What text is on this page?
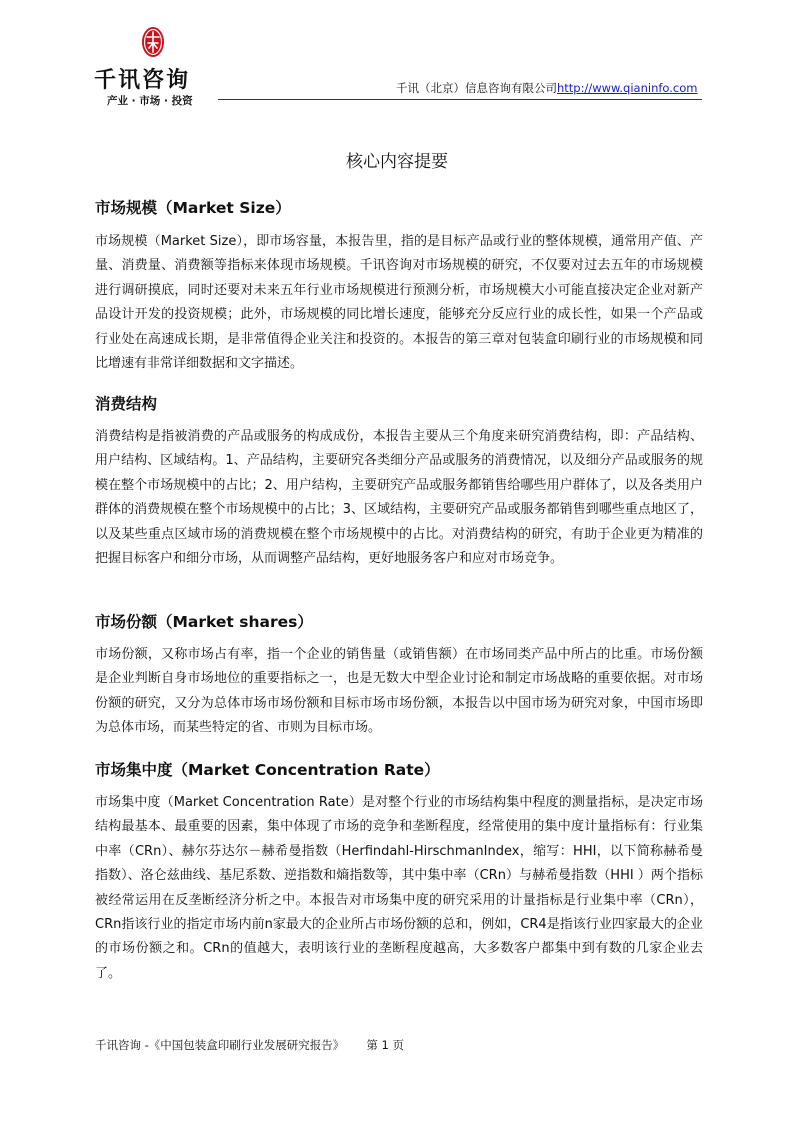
千讯咨询
产业 · 市场 · 投资
千讯（北京）信息咨询有限公司http://www.qianinfo.com
核心内容提要
市场规模（Market Size）

市场规模（Market Size），即市场容量，本报告里，指的是目标产品或行业的整体规模，通常用产值、产量、消费量、消费额等指标来体现市场规模。千讯咨询对市场规模的研究，不仅要对过去五年的市场规模进行调研摸底，同时还要对未来五年行业市场规模进行预测分析，市场规模大小可能直接决定企业对新产品设计开发的投资规模；此外，市场规模的同比增长速度，能够充分反应行业的成长性，如果一个产品或行业处在高速成长期，是非常值得企业关注和投资的。本报告的第三章对包装盒印刷行业的市场规模和同比增速有非常详细数据和文字描述。

消费结构

消费结构是指被消费的产品或服务的构成成份，本报告主要从三个角度来研究消费结构，即：产品结构、用户结构、区域结构。1、产品结构，主要研究各类细分产品或服务的消费情况，以及细分产品或服务的规模在整个市场规模中的占比；2、用户结构，主要研究产品或服务都销售给哪些用户群体了，以及各类用户群体的消费规模在整个市场规模中的占比；3、区域结构，主要研究产品或服务都销售到哪些重点地区了，以及某些重点区域市场的消费规模在整个市场规模中的占比。对消费结构的研究，有助于企业更为精准的把握目标客户和细分市场，从而调整产品结构，更好地服务客户和应对市场竞争。

市场份额（Market shares）

市场份额，又称市场占有率，指一个企业的销售量（或销售额）在市场同类产品中所占的比重。市场份额是企业判断自身市场地位的重要指标之一，也是无数大中型企业讨论和制定市场战略的重要依据。对市场份额的研究，又分为总体市场市场份额和目标市场市场份额，本报告以中国市场为研究对象，中国市场即为总体市场，而某些特定的省、市则为目标市场。

市场集中度（Market Concentration Rate）

市场集中度（Market Concentration Rate）是对整个行业的市场结构集中程度的测量指标，是决定市场结构最基本、最重要的因素，集中体现了市场的竞争和垄断程度，经常使用的集中度计量指标有：行业集中率（CRn）、赫尔芬达尔－赫希曼指数（Herfindahl-HirschmanIndex，缩写：HHI，以下简称赫希曼指数）、洛仑兹曲线、基尼系数、逆指数和熵指数等，其中集中率（CRn）与赫希曼指数（HHI ）两个指标被经常运用在反垄断经济分析之中。本报告对市场集中度的研究采用的计量指标是行业集中率（CRn），CRn指该行业的指定市场内前n家最大的企业所占市场份额的总和，例如，CR4是指该行业四家最大的企业的市场份额之和。CRn的值越大，表明该行业的垄断程度越高，大多数客户都集中到有数的几家企业去了。

千讯咨询 -《中国包装盒印刷行业发展研究报告》 第 1 页
